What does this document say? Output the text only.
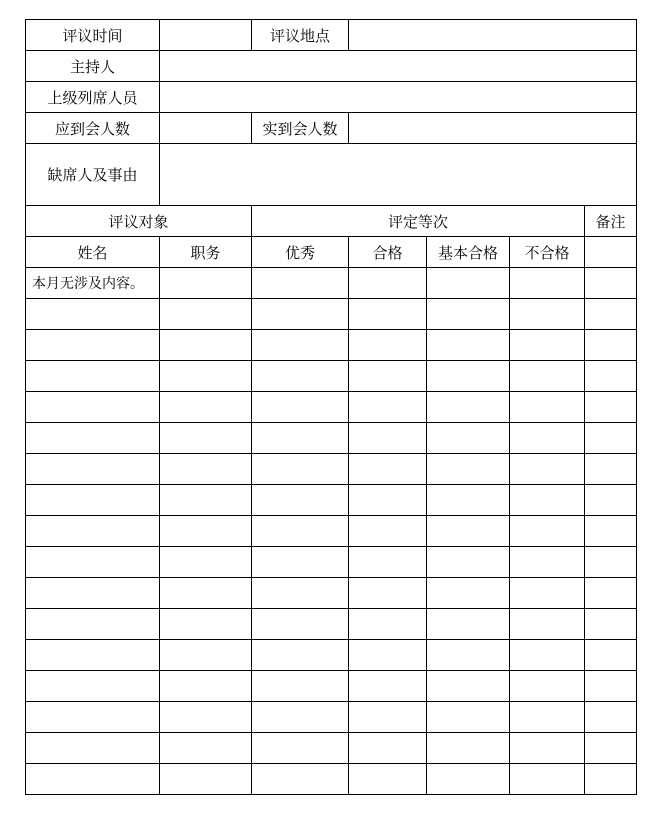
评议时间		评议地点				
主持人						
上级列席人员						
应到会人数		实到会人数				
缺席人及事由						
评议对象		评定等次				备注
姓名	职务	优秀	合格	基本合格	不合格	
本月无涉及内容。						
